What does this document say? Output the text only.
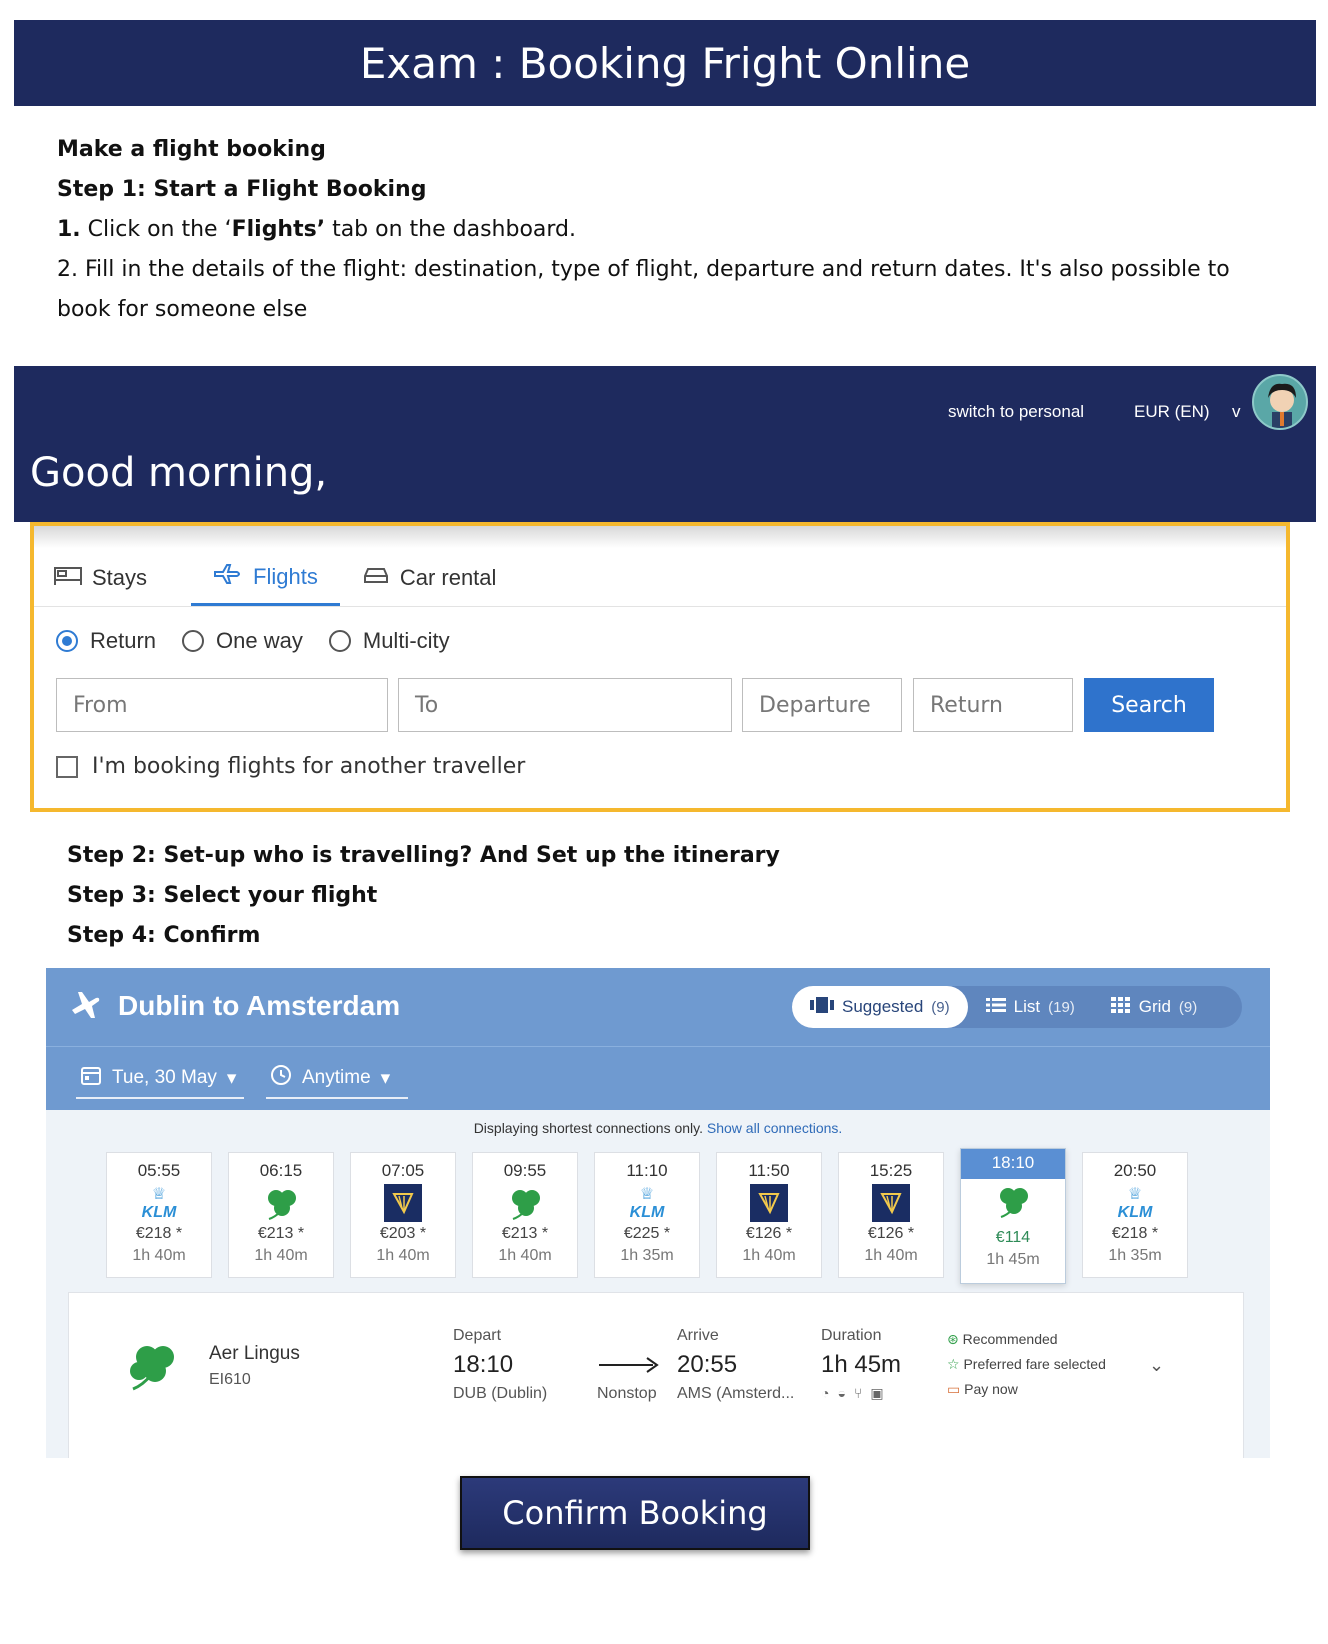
Exam : Booking Fright Online
Make a flight booking
Step 1: Start a Flight Booking
1. Click on the ‘Flights’ tab on the dashboard.
2. Fill in the details of the flight: destination, type of flight, departure and return dates. It's also possible to book for someone else
switch to personal	EUR (EN) v
Good morning,
Stays	Flights	Car rental
Return	One way	Multi-city
From	To	Departure	Return	Search
I'm booking flights for another traveller
Step 2: Set-up who is travelling? And Set up the itinerary
Step 3: Select your flight
Step 4: Confirm
Dublin to Amsterdam	Suggested (9)	List (19)	Grid (9)
Tue, 30 May ▾	Anytime ▾
Displaying shortest connections only. Show all connections.
05:55
♕
KLM
€218 *
1h 40m
06:15
€213 *
1h 40m
07:05
€203 *
1h 40m
09:55
€213 *
1h 40m
11:10
♕
KLM
€225 *
1h 35m
11:50
€126 *
1h 40m
15:25
€126 *
1h 40m
18:10
€114
1h 45m
20:50
♕
KLM
€218 *
1h 35m
Aer Lingus
EI610
Depart
18:10
DUB (Dublin)	Nonstop
Arrive
20:55
AMS (Amsterd...
Duration
1h 45m
◔ ◒ ⑂ ▣
⊛ Recommended
☆ Preferred fare selected
▭ Pay now
⌄
Confirm Booking
